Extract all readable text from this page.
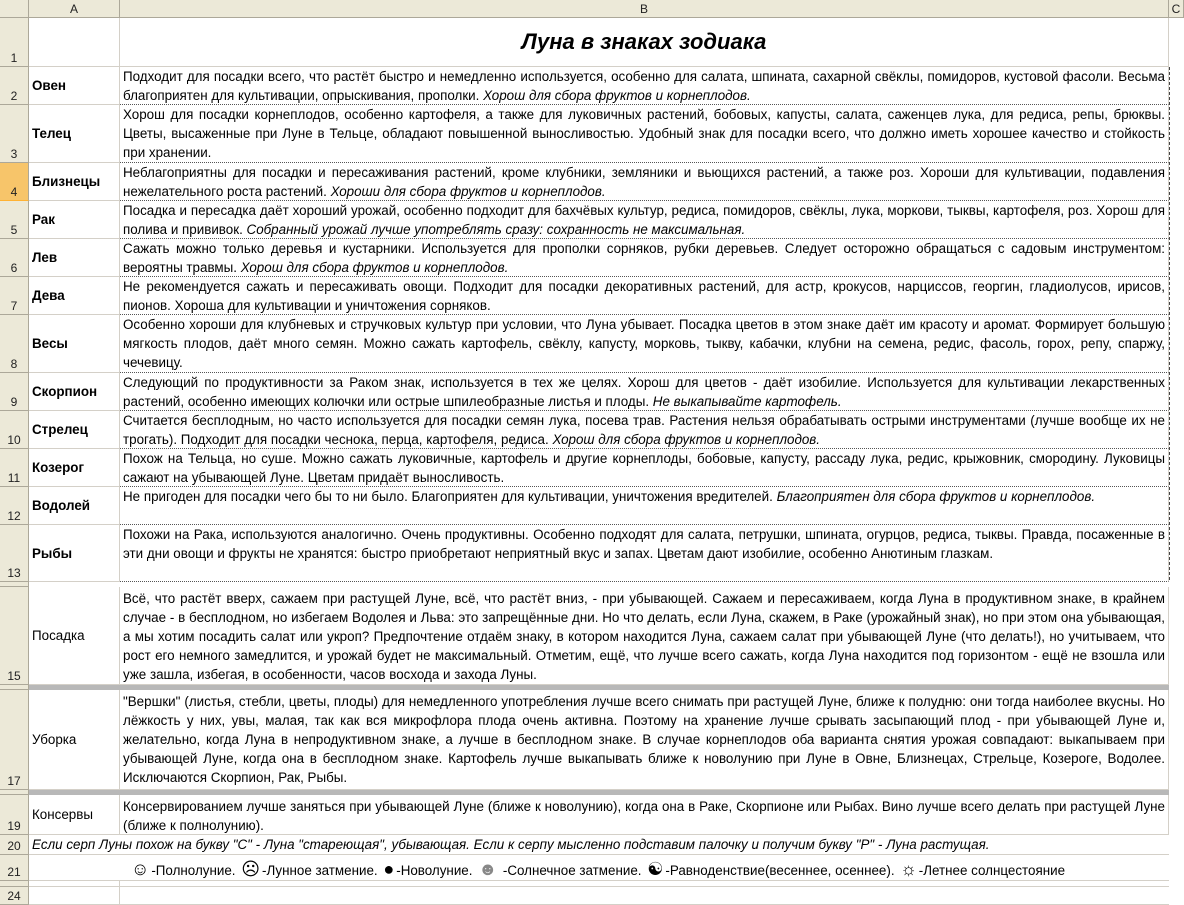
A	B	C
1
2
3
4
5
6
7
8
9
10
11
12
13
15
17
19
20
21
24
Луна в знаках зодиака
Овен
Подходит для посадки всего, что растёт быстро и немедленно используется, особенно для салата, шпината, сахарной свёклы, помидоров, кустовой фасоли. Весьма благоприятен для культивации, опрыскивания, прополки. Хорош для сбора фруктов и корнеплодов.
Телец
Хорош для посадки корнеплодов, особенно картофеля, а также для луковичных растений, бобовых, капусты, салата, саженцев лука, для редиса, репы, брюквы. Цветы, высаженные при Луне в Тельце, обладают повышенной выносливостью. Удобный знак для посадки всего, что должно иметь хорошее качество и стойкость при хранении.
Близнецы
Неблагоприятны для посадки и пересаживания растений, кроме клубники, земляники и вьющихся растений, а также роз. Хороши для культивации, подавления нежелательного роста растений. Хороши для сбора фруктов и корнеплодов.
Рак
Посадка и пересадка даёт хороший урожай, особенно подходит для бахчёвых культур, редиса, помидоров, свёклы, лука, моркови, тыквы, картофеля, роз. Хорош для полива и прививок. Собранный урожай лучше употреблять сразу: сохранность не максимальная.
Лев
Сажать можно только деревья и кустарники. Используется для прополки сорняков, рубки деревьев. Следует осторожно обращаться с садовым инструментом: вероятны травмы. Хорош для сбора фруктов и корнеплодов.
Дева
Не рекомендуется сажать и пересаживать овощи. Подходит для посадки декоративных растений, для астр, крокусов, нарциссов, георгин, гладиолусов, ирисов, пионов. Хороша для культивации и уничтожения сорняков.
Весы
Особенно хороши для клубневых и стручковых культур при условии, что Луна убывает. Посадка цветов в этом знаке даёт им красоту и аромат. Формирует большую мягкость плодов, даёт много семян. Можно сажать картофель, свёклу, капусту, морковь, тыкву, кабачки, клубни на семена, редис, фасоль, горох, репу, спаржу, чечевицу.
Скорпион
Следующий по продуктивности за Раком знак, используется в тех же целях. Хорош для цветов - даёт изобилие. Используется для культивации лекарственных растений, особенно имеющих колючки или острые шпилеобразные листья и плоды. Не выкапывайте картофель.
Стрелец
Считается бесплодным, но часто используется для посадки семян лука, посева трав. Растения нельзя обрабатывать острыми инструментами (лучше вообще их не трогать). Подходит для посадки чеснока, перца, картофеля, редиса. Хорош для сбора фруктов и корнеплодов.
Козерог
Похож на Тельца, но суше. Можно сажать луковичные, картофель и другие корнеплоды, бобовые, капусту, рассаду лука, редис, крыжовник, смородину. Луковицы сажают на убывающей Луне. Цветам придаёт выносливость.
Водолей
Не пригоден для посадки чего бы то ни было. Благоприятен для культивации, уничтожения вредителей. Благоприятен для сбора фруктов и корнеплодов.
Рыбы
Похожи на Рака, используются аналогично. Очень продуктивны. Особенно подходят для салата, петрушки, шпината, огурцов, редиса, тыквы. Правда, посаженные в эти дни овощи и фрукты не хранятся: быстро приобретают неприятный вкус и запах. Цветам дают изобилие, особенно Анютиным глазкам.
Посадка
Всё, что растёт вверх, сажаем при растущей Луне, всё, что растёт вниз, - при убывающей. Сажаем и пересаживаем, когда Луна в продуктивном знаке, в крайнем случае - в бесплодном, но избегаем Водолея и Льва: это запрещённые дни. Но что делать, если Луна, скажем, в Раке (урожайный знак), но при этом она убывающая, а мы хотим посадить салат или укроп? Предпочтение отдаём знаку, в котором находится Луна, сажаем салат при убывающей Луне (что делать!), но учитываем, что рост его немного замедлится, и урожай будет не максимальный. Отметим, ещё, что лучше всего сажать, когда Луна находится под горизонтом - ещё не взошла или уже зашла, избегая, в особенности, часов восхода и захода Луны.
Уборка
"Вершки" (листья, стебли, цветы, плоды) для немедленного употребления лучше всего снимать при растущей Луне, ближе к полудню: они тогда наиболее вкусны. Но лёжкость у них, увы, малая, так как вся микрофлора плода очень активна. Поэтому на хранение лучше срывать засыпающий плод - при убывающей Луне и, желательно, когда Луна в непродуктивном знаке, а лучше в бесплодном знаке. В случае корнеплодов оба варианта снятия урожая совпадают: выкапываем при убывающей Луне, когда она в бесплодном знаке. Картофель лучше выкапывать ближе к новолунию при Луне в Овне, Близнецах, Стрельце, Козероге, Водолее. Исключаются Скорпион, Рак, Рыбы.
Консервы
Консервированием лучше заняться при убывающей Луне (ближе к новолунию), когда она в Раке, Скорпионе или Рыбах. Вино лучше всего делать при растущей Луне (ближе к полнолунию).
Если серп Луны похож на букву "С" - Луна "стареющая", убывающая. Если к серпу мысленно подставим палочку и получим букву "Р" - Луна растущая.
☺ -Полнолуние. ☹ -Лунное затмение. ● -Новолуние. ☻ -Солнечное затмение. ☯ -Равноденствие(весеннее, осеннее). ☼ -Летнее солнцестояние
